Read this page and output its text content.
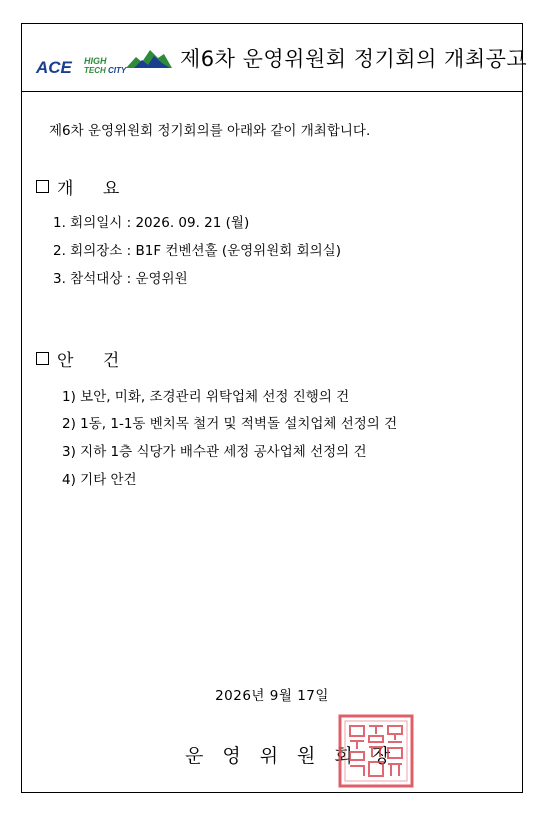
ACE HIGH
TECH CITY	제6차 운영위원회 정기회의 개최공고
제6차 운영위원회 정기회의를 아래와 같이 개최합니다.
개 요
1. 회의일시 : 2026. 09. 21 (월)
2. 회의장소 : B1F 컨벤션홀 (운영위원회 회의실)
3. 참석대상 : 운영위원
안 건
1) 보안, 미화, 조경관리 위탁업체 선정 진행의 건
2) 1동, 1-1동 벤치목 철거 및 적벽돌 설치업체 선정의 건
3) 지하 1층 식당가 배수관 세정 공사업체 선정의 건
4) 기타 안건
2026년 9월 17일
운영위원회장
